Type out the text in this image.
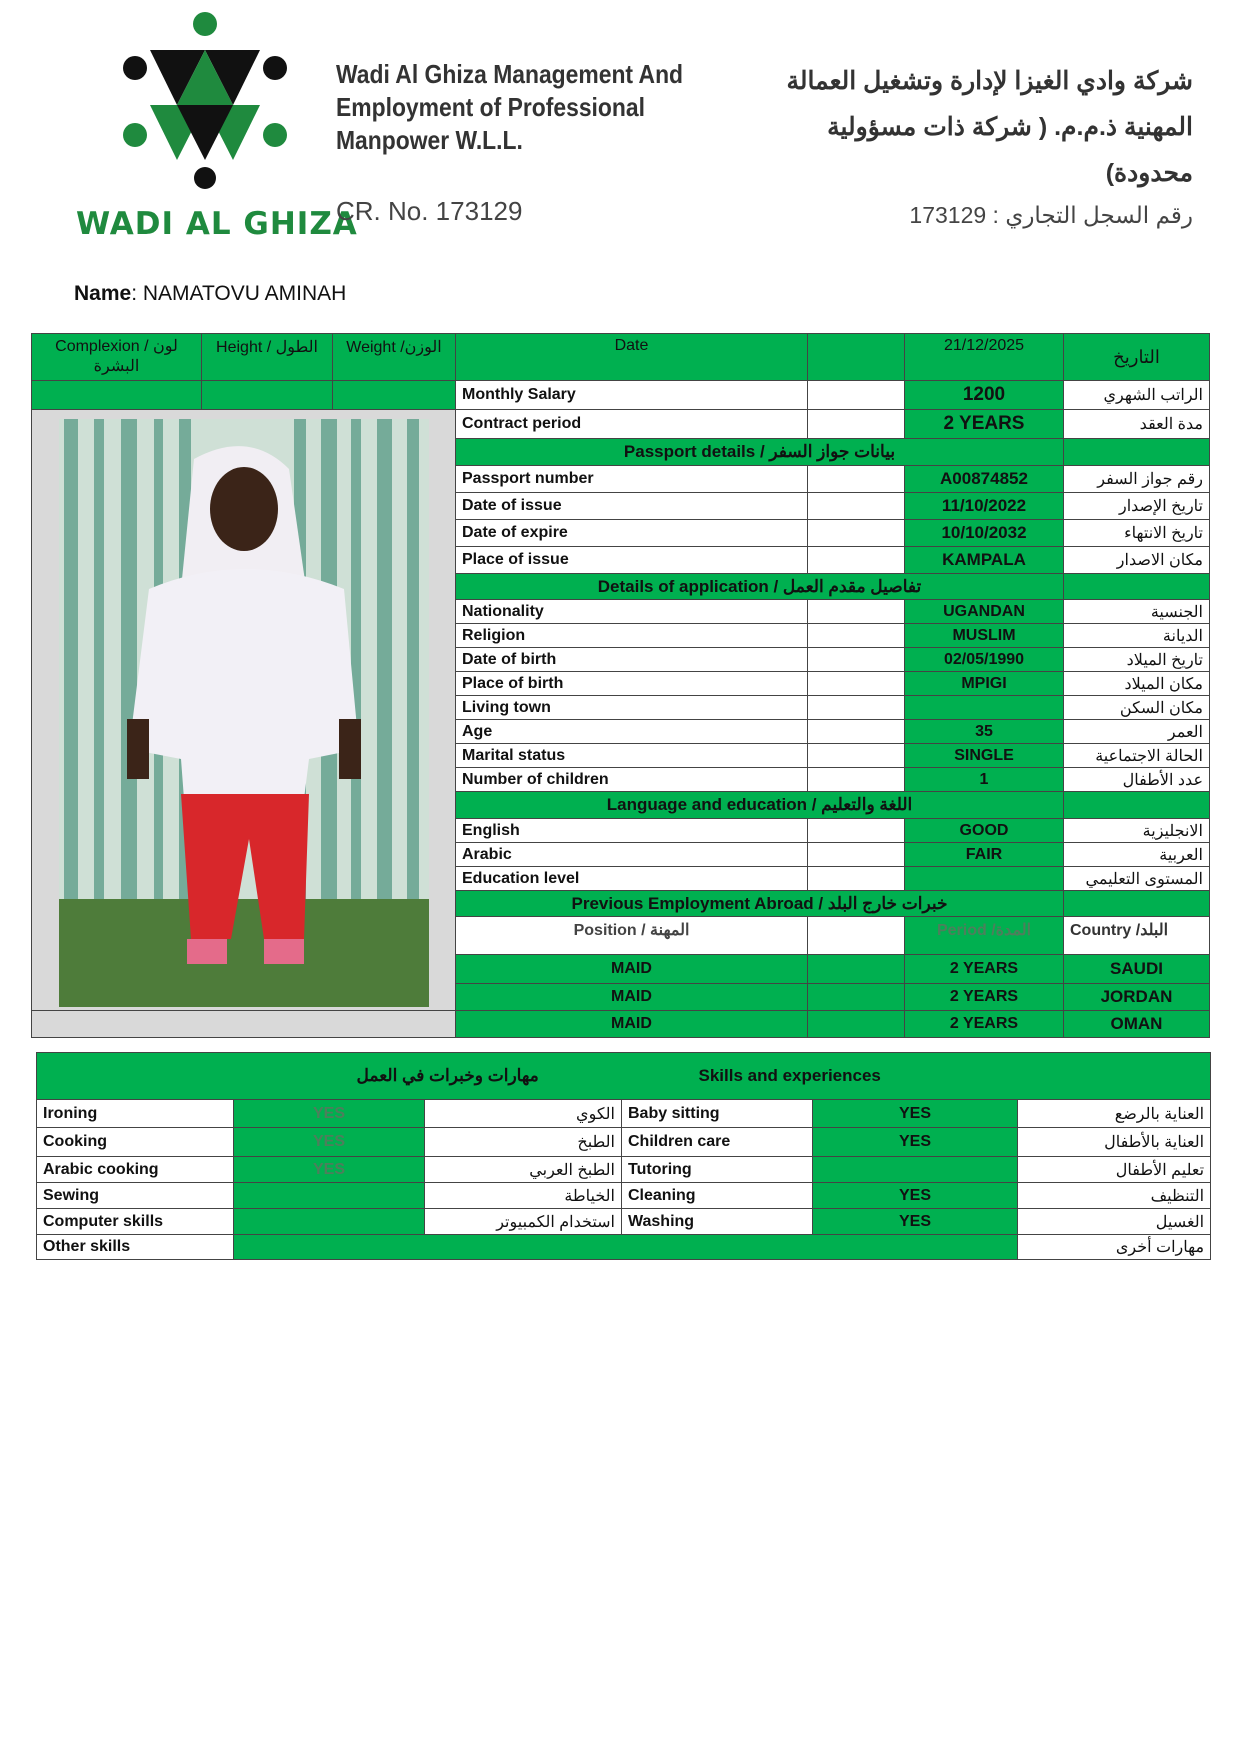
WADI AL GHIZA
Wadi Al Ghiza Management And
Employment of Professional
Manpower W.L.L.
CR. No. 173129
شركة وادي الغيزا لإدارة وتشغيل العمالة
المهنية ذ.م.م. ( شركة ذات مسؤولية
محدودة)
رقم السجل التجاري : 173129
Name: NAMATOVU AMINAH
Complexion / لون البشرة	Height / الطول	Weight /الوزن	Date		21/12/2025	التاريخ
			Monthly Salary		1200	الراتب الشهري

	Contract period		2 YEARS	مدة العقد
			Passport details / بيانات جواز السفر			
			Passport number		A00874852	رقم جواز السفر
			Date of issue		11/10/2022	تاريخ الإصدار
			Date of expire		10/10/2032	تاريخ الانتهاء
			Place of issue		KAMPALA	مكان الاصدار
			Details of application / تفاصيل مقدم العمل			
			Nationality		UGANDAN	الجنسية
			Religion		MUSLIM	الديانة
			Date of birth		02/05/1990	تاريخ الميلاد
			Place of birth		MPIGI	مكان الميلاد
			Living town			مكان السكن
			Age		35	العمر
			Marital status		SINGLE	الحالة الاجتماعية
			Number of children		1	عدد الأطفال
			Language and education / اللغة والتعليم			
			English		GOOD	الانجليزية
			Arabic		FAIR	العربية
			Education level			المستوى التعليمي
			Previous Employment Abroad / خبرات خارج البلد			
			Position / المهنة		Period /المدة	Country /البلد
			MAID		2 YEARS	SAUDI
			MAID		2 YEARS	JORDAN
			MAID		2 YEARS	OMAN
مهارات وخبرات في العمل Skills and experiences					

Ironing	YES	الكوي	Baby sitting	YES	العناية بالرضع
Cooking	YES	الطبخ	Children care	YES	العناية بالأطفال
Arabic cooking	YES	الطبخ العربي	Tutoring		تعليم الأطفال
Sewing		الخياطة	Cleaning	YES	التنظيف
Computer skills		استخدام الكمبيوتر	Washing	YES	الغسيل
Other skills					مهارات أخرى
